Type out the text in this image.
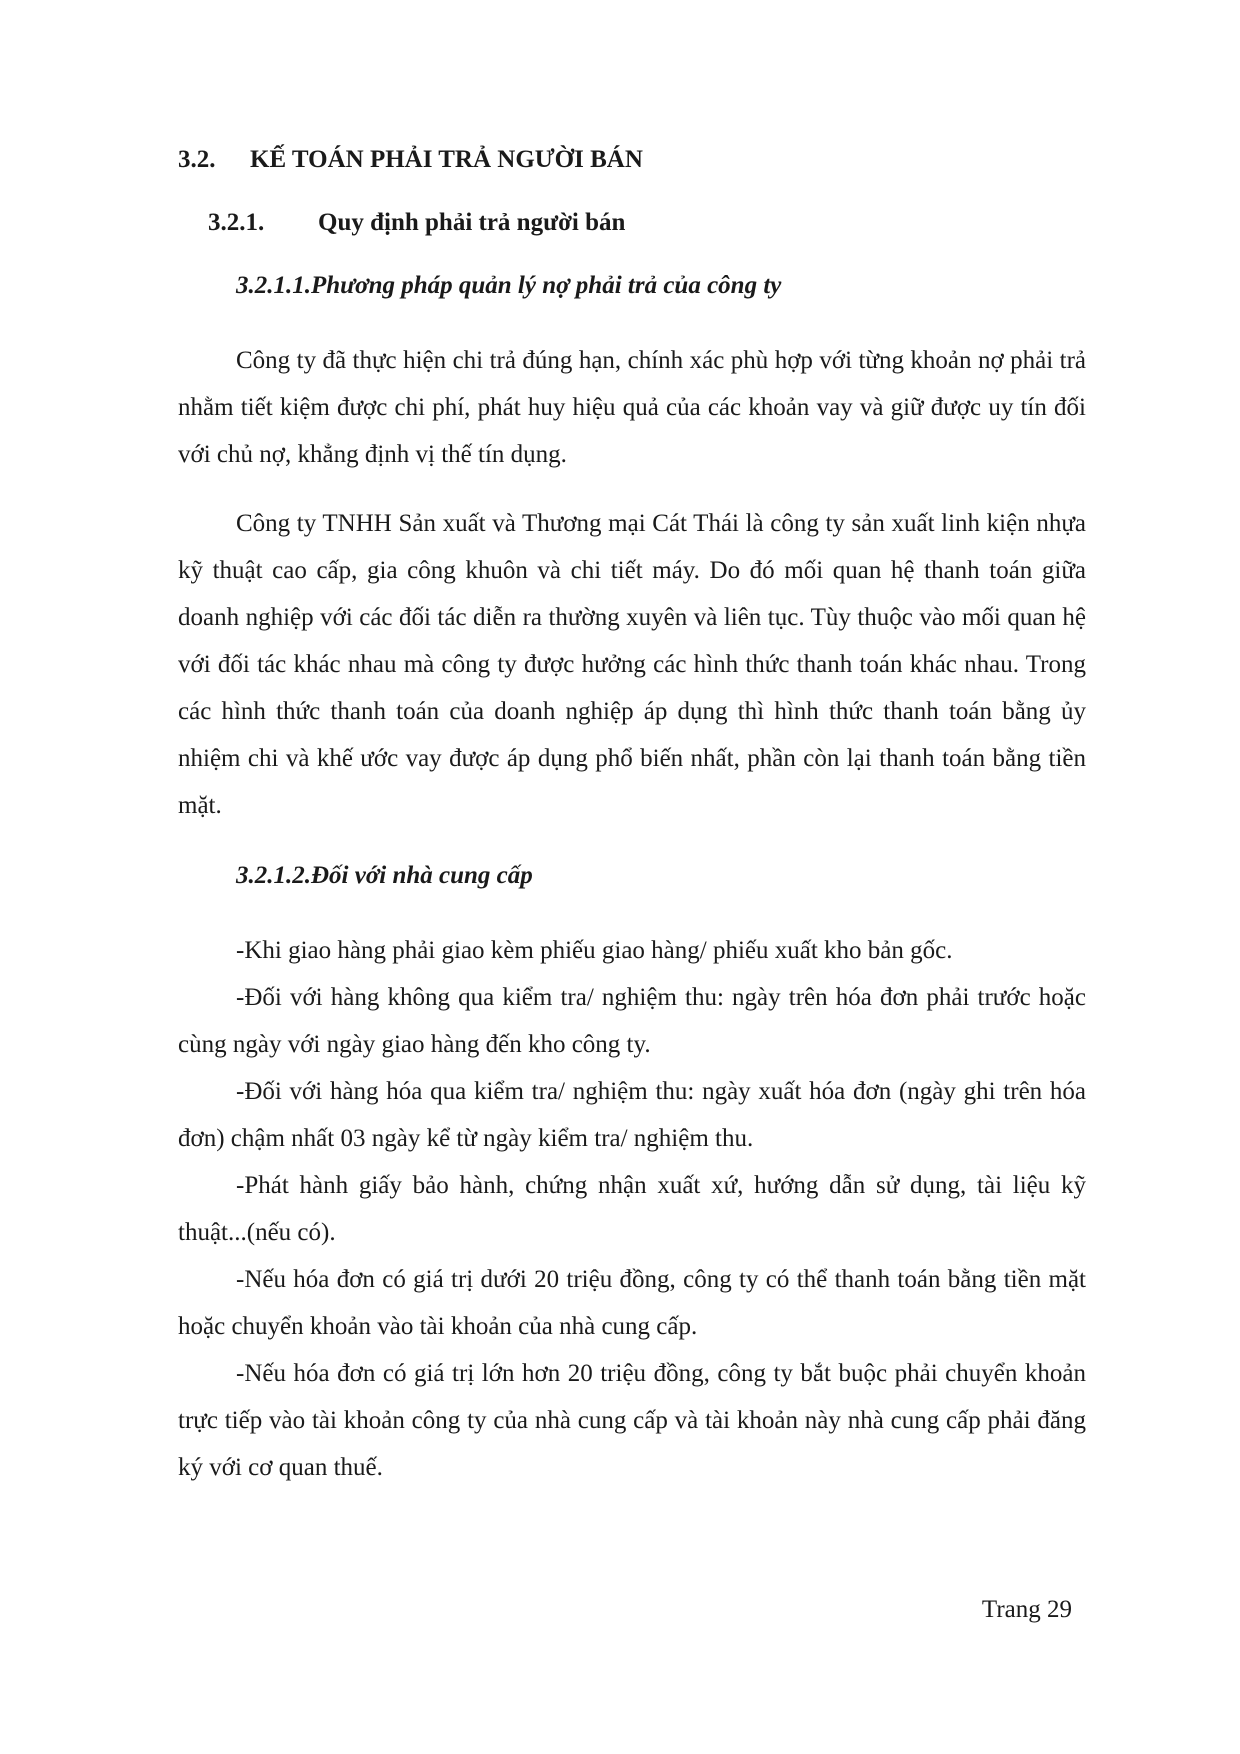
3.2. KẾ TOÁN PHẢI TRẢ NGƯỜI BÁN
3.2.1. Quy định phải trả người bán
3.2.1.1.Phương pháp quản lý nợ phải trả của công ty

Công ty đã thực hiện chi trả đúng hạn, chính xác phù hợp với từng khoản nợ phải trả nhằm tiết kiệm được chi phí, phát huy hiệu quả của các khoản vay và giữ được uy tín đối với chủ nợ, khẳng định vị thế tín dụng.

Công ty TNHH Sản xuất và Thương mại Cát Thái là công ty sản xuất linh kiện nhựa kỹ thuật cao cấp, gia công khuôn và chi tiết máy. Do đó mối quan hệ thanh toán giữa doanh nghiệp với các đối tác diễn ra thường xuyên và liên tục. Tùy thuộc vào mối quan hệ với đối tác khác nhau mà công ty được hưởng các hình thức thanh toán khác nhau. Trong các hình thức thanh toán của doanh nghiệp áp dụng thì hình thức thanh toán bằng ủy nhiệm chi và khế ước vay được áp dụng phổ biến nhất, phần còn lại thanh toán bằng tiền mặt.

3.2.1.2.Đối với nhà cung cấp
-Khi giao hàng phải giao kèm phiếu giao hàng/ phiếu xuất kho bản gốc.
-Đối với hàng không qua kiểm tra/ nghiệm thu: ngày trên hóa đơn phải trước hoặc cùng ngày với ngày giao hàng đến kho công ty.
-Đối với hàng hóa qua kiểm tra/ nghiệm thu: ngày xuất hóa đơn (ngày ghi trên hóa đơn) chậm nhất 03 ngày kể từ ngày kiểm tra/ nghiệm thu.
-Phát hành giấy bảo hành, chứng nhận xuất xứ, hướng dẫn sử dụng, tài liệu kỹ thuật...(nếu có).
-Nếu hóa đơn có giá trị dưới 20 triệu đồng, công ty có thể thanh toán bằng tiền mặt hoặc chuyển khoản vào tài khoản của nhà cung cấp.
-Nếu hóa đơn có giá trị lớn hơn 20 triệu đồng, công ty bắt buộc phải chuyển khoản trực tiếp vào tài khoản công ty của nhà cung cấp và tài khoản này nhà cung cấp phải đăng ký với cơ quan thuế.
Trang 29
